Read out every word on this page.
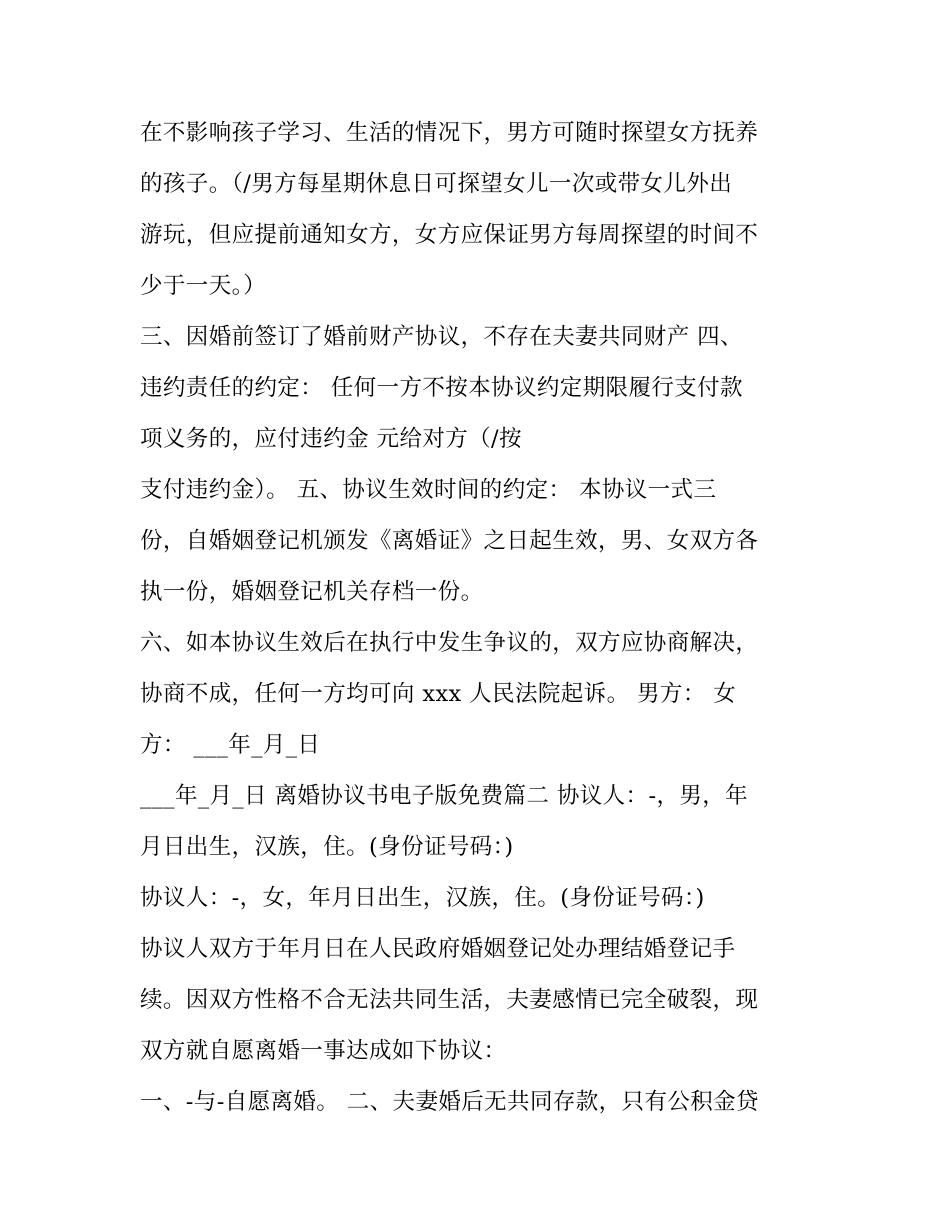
在不影响孩子学习、生活的情况下，男方可随时探望女方抚养
的孩子。（/男方每星期休息日可探望女儿一次或带女儿外出
游玩，但应提前通知女方，女方应保证男方每周探望的时间不
少于一天。）
三、因婚前签订了婚前财产协议，不存在夫妻共同财产 四、
违约责任的约定： 任何一方不按本协议约定期限履行支付款
项义务的，应付违约金 元给对方（/按
支付违约金）。 五、协议生效时间的约定： 本协议一式三
份，自婚姻登记机颁发《离婚证》之日起生效，男、女双方各
执一份，婚姻登记机关存档一份。
六、如本协议生效后在执行中发生争议的，双方应协商解决，
协商不成，任何一方均可向 xxx 人民法院起诉。 男方： 女
方： ___年_月_日
___年_月_日 离婚协议书电子版免费篇二 协议人：-，男，年
月日出生，汉族，住。(身份证号码：)
协议人：-，女，年月日出生，汉族，住。(身份证号码：)
协议人双方于年月日在人民政府婚姻登记处办理结婚登记手
续。因双方性格不合无法共同生活，夫妻感情已完全破裂，现
双方就自愿离婚一事达成如下协议：
一、-与-自愿离婚。 二、夫妻婚后无共同存款，只有公积金贷
